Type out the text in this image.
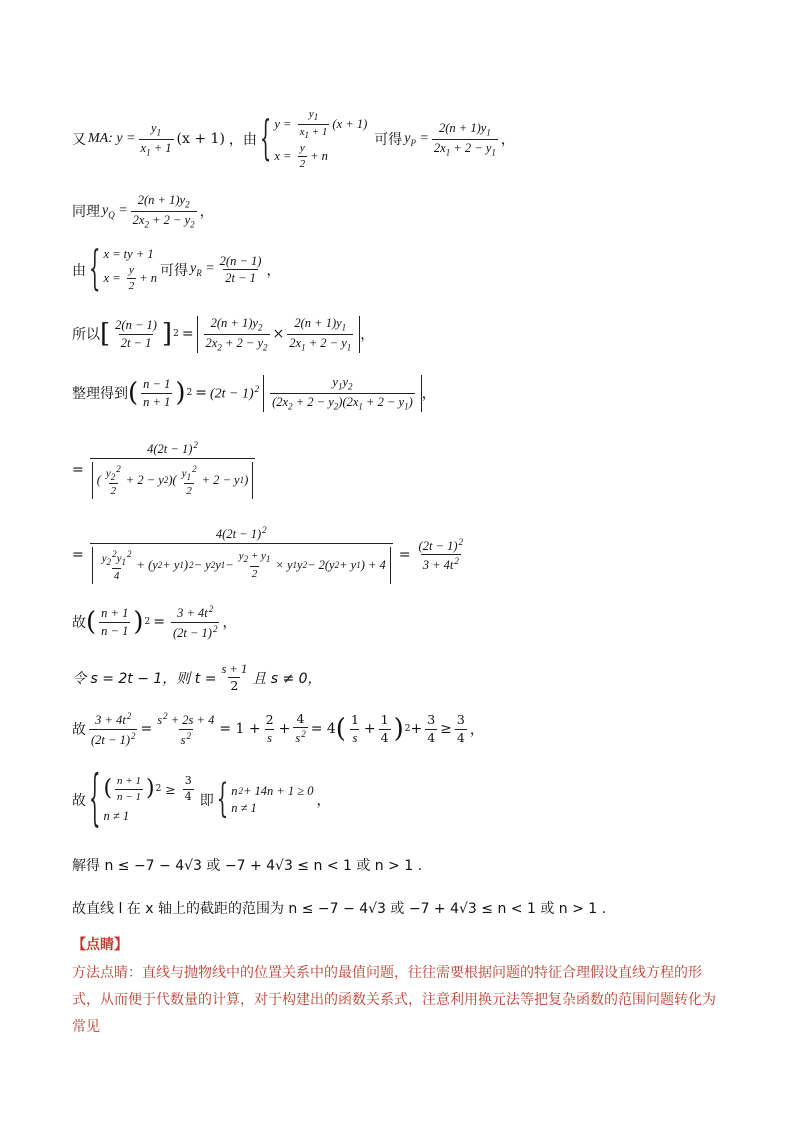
又 MA: $y = \frac{y_1}{x_1 + 1} (x + 1)$ ，由 { $y = \frac{y_1}{x_1 + 1} (x + 1)$
$x = \frac{y}{2} + n$
可得 $y_P = \frac{2(n + 1)y_1}{2x_1 + 2 - y_1}$ ，
同理 $y_Q = \frac{2(n + 1)y_2}{2x_2 + 2 - y_2}$ ，
由 { x = ty + 1
$x = \frac{y}{2} + n$ 可得 $y_R = \frac{2(n - 1)}{2t - 1}$ ，
所以 [ $\frac{2(n - 1)}{2t - 1}$ ] $2 = \frac{2(n + 1)y_2}{2x_2 + 2 - y_2} \times \frac{2(n + 1)y_1}{2x_1 + 2 - y_1}$ ，
整理得到 ( $\frac{n - 1}{n + 1}$ ) $2 = (2t - 1)^2 \frac{y_1y_2}{(2x_2 + 2 - y_2)(2x_1 + 2 - y_1)}$ ，
= $\frac{4(2t - 1)^2}{( \frac{y_2^2}{2} + 2 - y 2 )( \frac{y_1^2}{2} + 2 - y 1 )}$
=
$4(2t - 1)^2$
$\frac{y_2^2y_1^2}{4} + (y$ 2 + y 1 ) 2 − y 2 y $1 - \frac{y_2 + y_1}{2} \times y$ 1 y 2 − 2(y 2 + y 1 ) + 4
= $\frac{(2t - 1)^2}{3 + 4t^2}$
故 ( $\frac{n + 1}{n - 1}$ ) $2 = \frac{3 + 4t^2}{(2t - 1)^2}$ ，
令 s = 2t − 1，则 $t = \frac{s + 1}{2}$ 且 s ≠ 0，
故 $\frac{3 + 4t^2}{(2t - 1)^2} = \frac{s^2 + 2s + 4}{s^2} = 1 + \frac{2}{s} + \frac{4}{s^2} = 4$ ( $\frac{1}{s} + \frac{1}{4}$ ) $2 + \frac{3}{4} \ge \frac{3}{4}$ ，
故 { ( $\frac{n + 1}{n - 1}$ ) $2 \ge \frac{3}{4}$
n ≠ 1
即 { n 2 + 14n + 1 ≥ 0
n ≠ 1	，
解得 n ≤ −7 − 4√3 或 −7 + 4√3 ≤ n < 1 或 n > 1 .
故直线 l 在 x 轴上的截距的范围为 n ≤ −7 − 4√3 或 −7 + 4√3 ≤ n < 1 或 n > 1 .
【点睛】
方法点睛：直线与抛物线中的位置关系中的最值问题，往往需要根据问题的特征合理假设直线方程的形式，从而便于代数量的计算，对于构建出的函数关系式，注意利用换元法等把复杂函数的范围问题转化为常见
